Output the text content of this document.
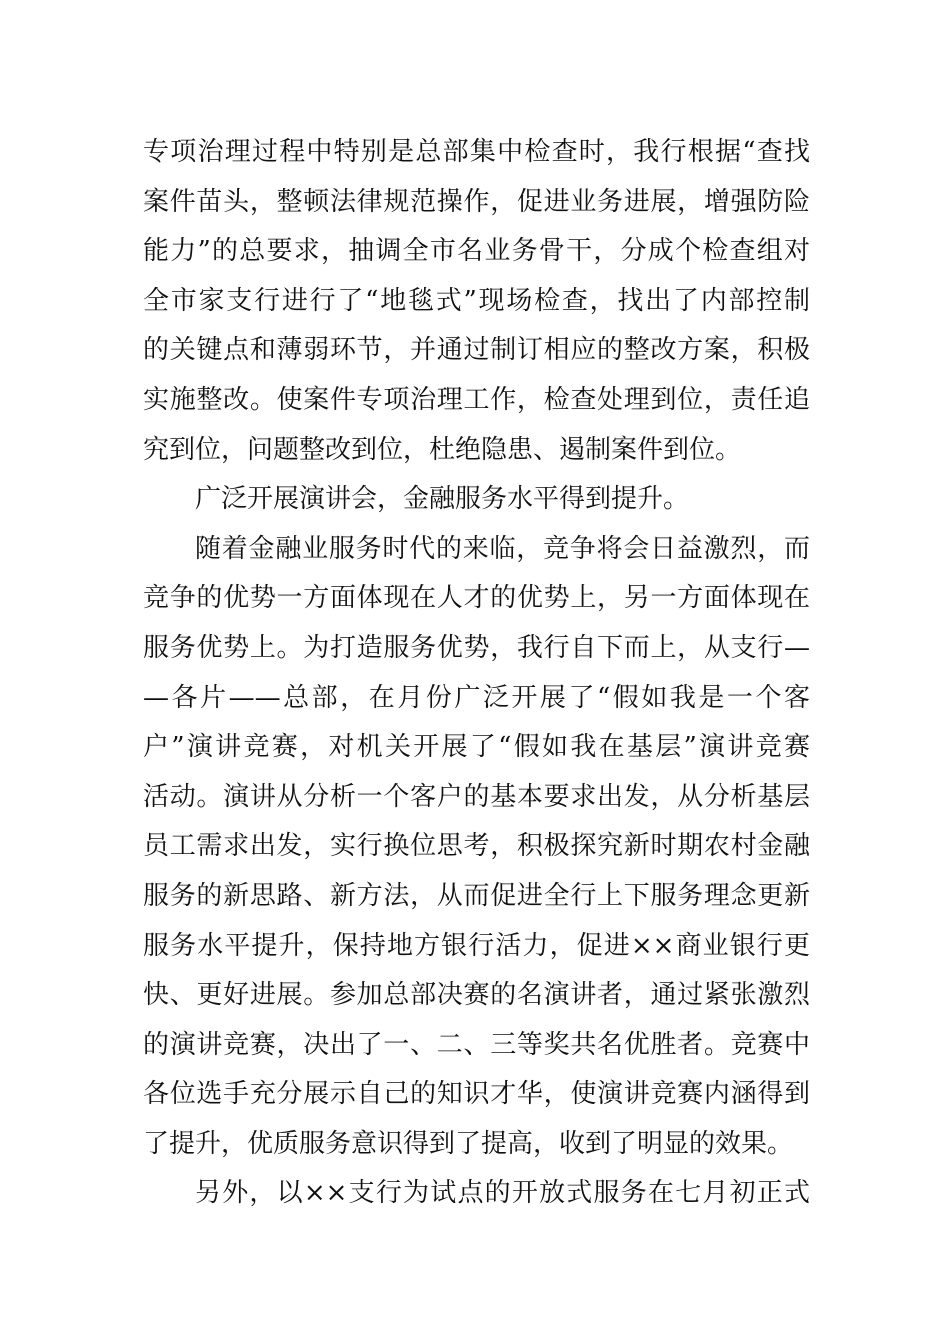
专项治理过程中特别是总部集中检查时，我行根据“查找
案件苗头，整顿法律规范操作，促进业务进展，增强防险
能力”的总要求，抽调全市名业务骨干，分成个检查组对
全市家支行进行了“地毯式”现场检查，找出了内部控制
的关键点和薄弱环节，并通过制订相应的整改方案，积极
实施整改。使案件专项治理工作，检查处理到位，责任追
究到位，问题整改到位，杜绝隐患、遏制案件到位。
广泛开展演讲会，金融服务水平得到提升。
随着金融业服务时代的来临，竞争将会日益激烈，而
竞争的优势一方面体现在人才的优势上，另一方面体现在
服务优势上。为打造服务优势，我行自下而上，从支行—
—各片——总部，在月份广泛开展了“假如我是一个客
户”演讲竞赛，对机关开展了“假如我在基层”演讲竞赛
活动。演讲从分析一个客户的基本要求出发，从分析基层
员工需求出发，实行换位思考，积极探究新时期农村金融
服务的新思路、新方法，从而促进全行上下服务理念更新
服务水平提升，保持地方银行活力，促进××商业银行更
快、更好进展。参加总部决赛的名演讲者，通过紧张激烈
的演讲竞赛，决出了一、二、三等奖共名优胜者。竞赛中
各位选手充分展示自己的知识才华，使演讲竞赛内涵得到
了提升，优质服务意识得到了提高，收到了明显的效果。
另外，以××支行为试点的开放式服务在七月初正式
